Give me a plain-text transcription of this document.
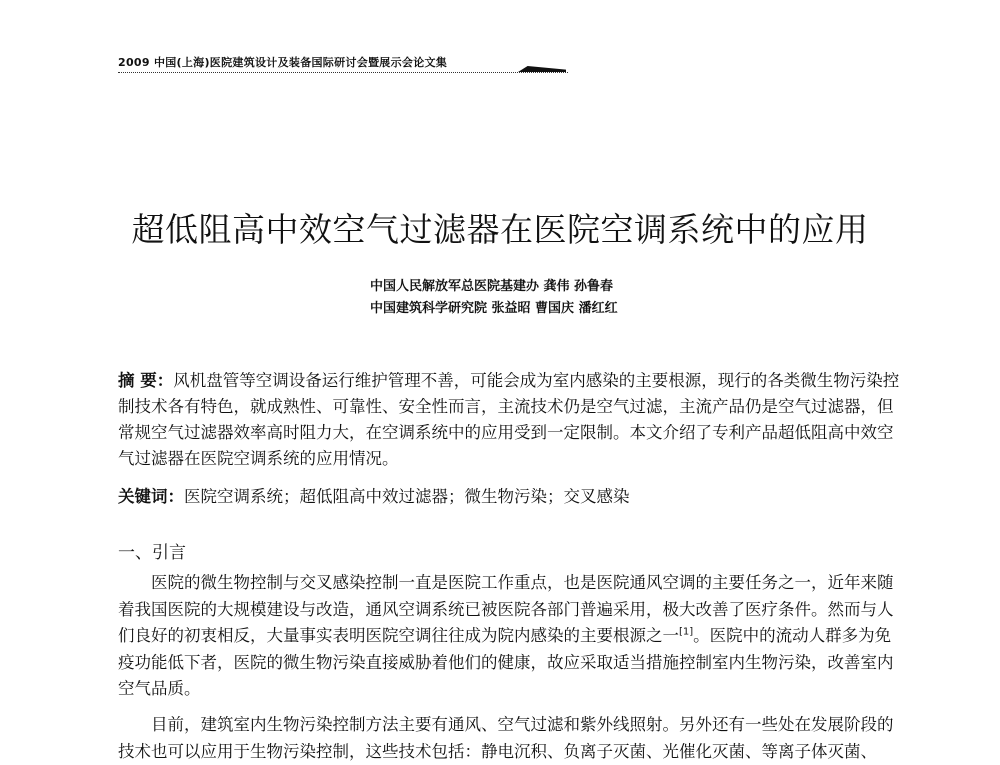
2009 中国(上海)医院建筑设计及装备国际研讨会暨展示会论文集
超低阻高中效空气过滤器在医院空调系统中的应用
中国人民解放军总医院基建办 龚伟 孙鲁春
中国建筑科学研究院 张益昭 曹国庆 潘红红
摘 要：风机盘管等空调设备运行维护管理不善，可能会成为室内感染的主要根源，现行的各类微生物污染控制技术各有特色，就成熟性、可靠性、安全性而言，主流技术仍是空气过滤，主流产品仍是空气过滤器，但常规空气过滤器效率高时阻力大，在空调系统中的应用受到一定限制。本文介绍了专利产品超低阻高中效空气过滤器在医院空调系统的应用情况。
关键词：医院空调系统；超低阻高中效过滤器；微生物污染；交叉感染
一、引言
医院的微生物控制与交叉感染控制一直是医院工作重点，也是医院通风空调的主要任务之一，近年来随着我国医院的大规模建设与改造，通风空调系统已被医院各部门普遍采用，极大改善了医疗条件。然而与人们良好的初衷相反，大量事实表明医院空调往往成为院内感染的主要根源之一[1]。医院中的流动人群多为免疫功能低下者，医院的微生物污染直接威胁着他们的健康，故应采取适当措施控制室内生物污染，改善室内空气品质。
目前，建筑室内生物污染控制方法主要有通风、空气过滤和紫外线照射。另外还有一些处在发展阶段的技术也可以应用于生物污染控制，这些技术包括：静电沉积、负离子灭菌、光催化灭菌、等离子体灭菌、
